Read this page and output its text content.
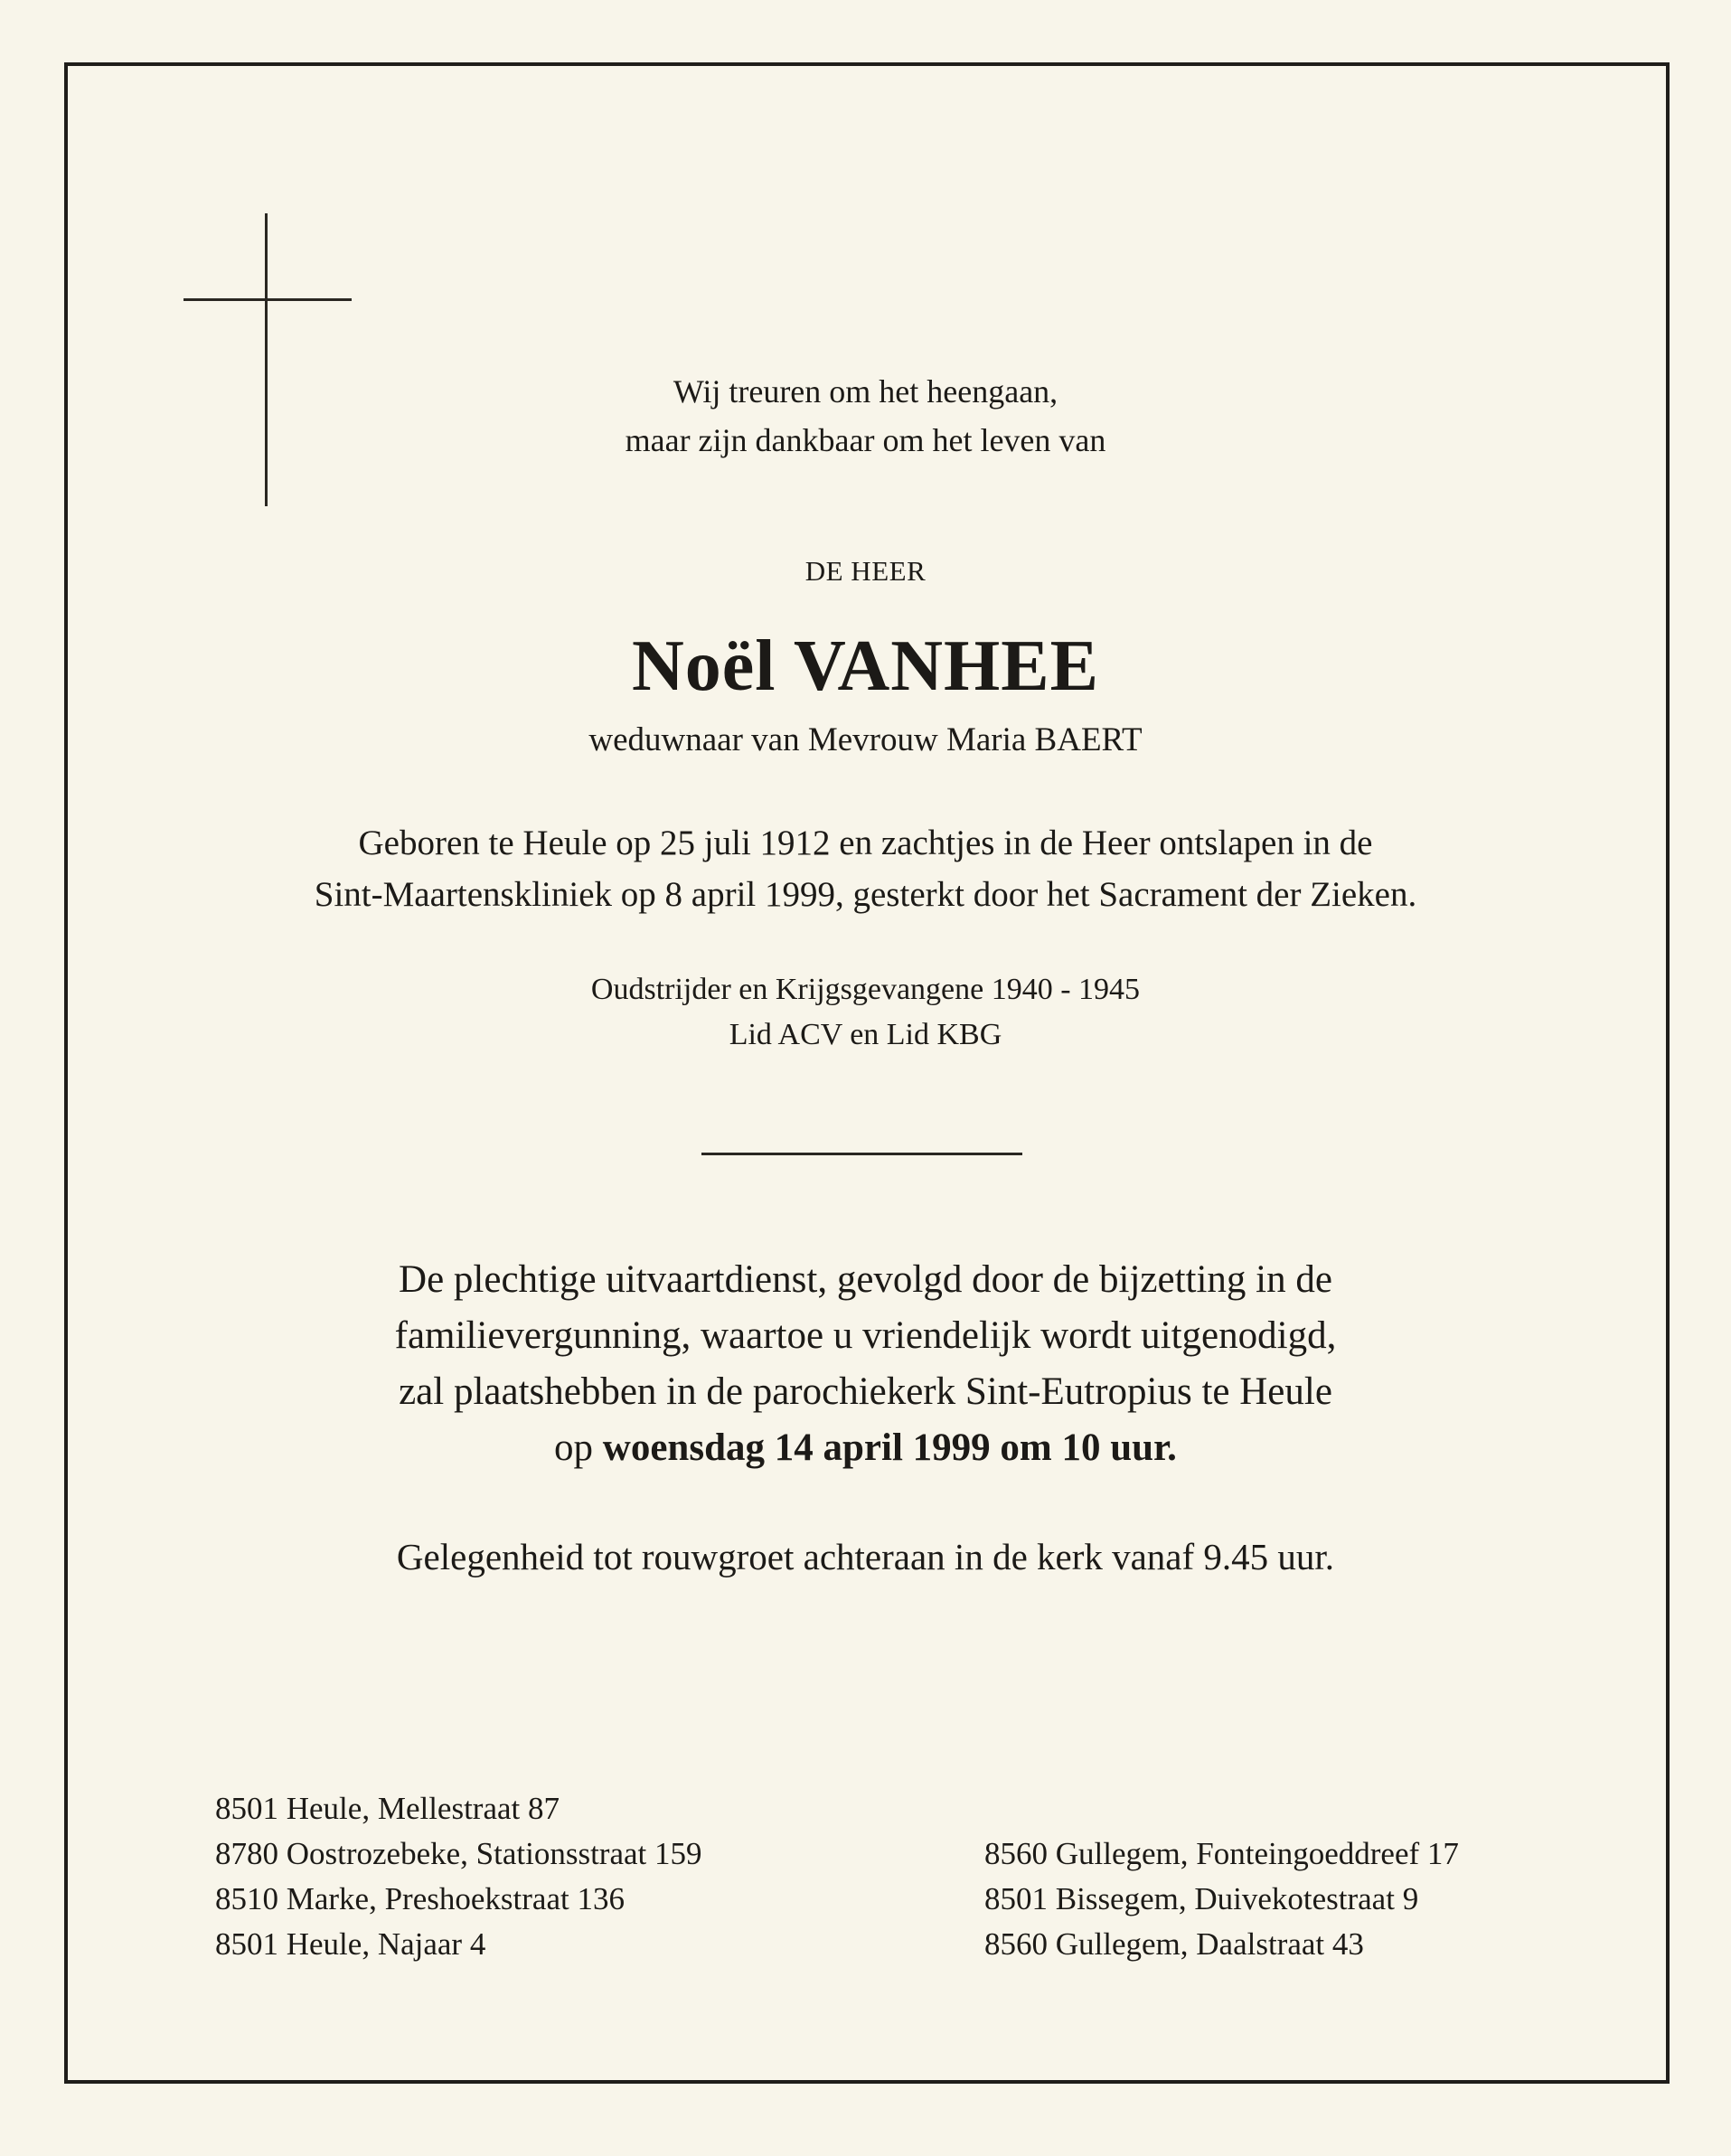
Wij treuren om het heengaan,
maar zijn dankbaar om het leven van
DE HEER
Noël VANHEE
weduwnaar van Mevrouw Maria BAERT
Geboren te Heule op 25 juli 1912 en zachtjes in de Heer ontslapen in de
Sint-Maartenskliniek op 8 april 1999, gesterkt door het Sacrament der Zieken.
Oudstrijder en Krijgsgevangene 1940 - 1945
Lid ACV en Lid KBG
De plechtige uitvaartdienst, gevolgd door de bijzetting in de
familievergunning, waartoe u vriendelijk wordt uitgenodigd,
zal plaatshebben in de parochiekerk Sint-Eutropius te Heule
op woensdag 14 april 1999 om 10 uur.
Gelegenheid tot rouwgroet achteraan in de kerk vanaf 9.45 uur.
8501 Heule, Mellestraat 87
8780 Oostrozebeke, Stationsstraat 159
8510 Marke, Preshoekstraat 136
8501 Heule, Najaar 4
8560 Gullegem, Fonteingoeddreef 17
8501 Bissegem, Duivekotestraat 9
8560 Gullegem, Daalstraat 43
